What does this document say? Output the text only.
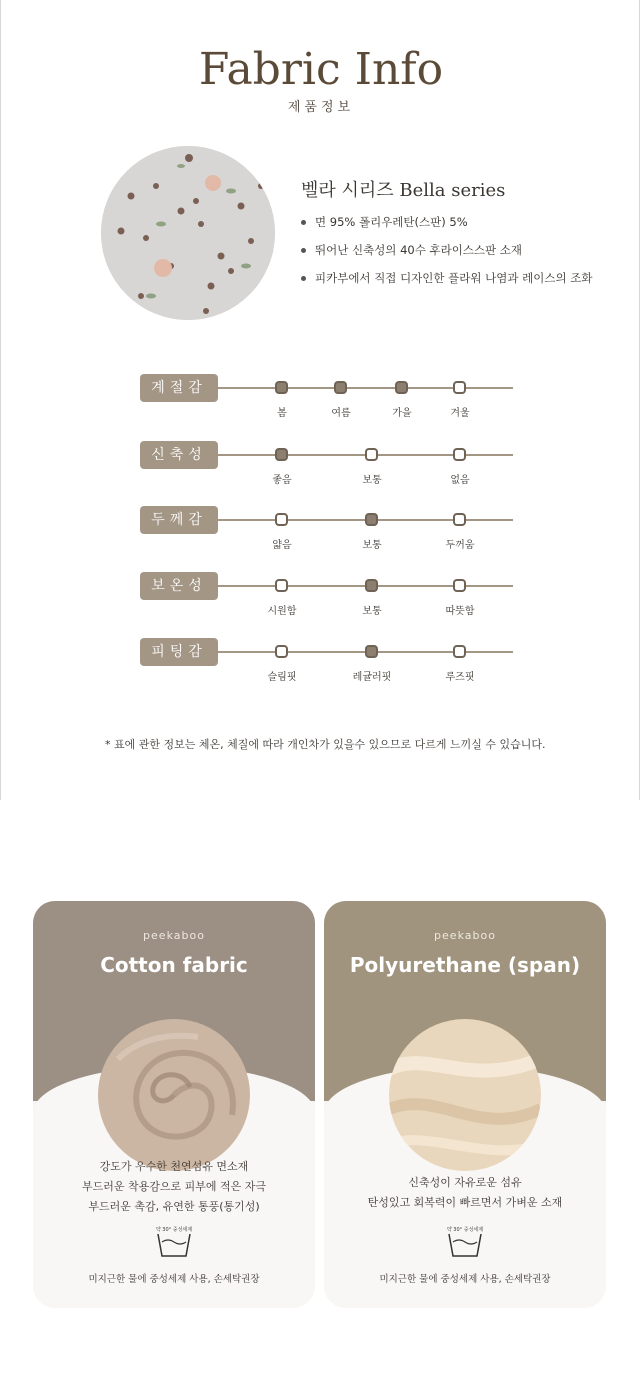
Fabric Info
제품정보
벨라 시리즈 Bella series
면 95% 폴리우레탄(스판) 5%
뛰어난 신축성의 40수 후라이스스판 소재
피카부에서 직접 디자인한 플라워 나염과 레이스의 조화
계절감
봄	여름	가을	겨울
신축성
좋음	보통	없음
두께감
얇음	보통	두꺼움
보온성
시원함	보통	따뜻함
피팅감
슬림핏	레귤러핏	루즈핏
* 표에 관한 정보는 체온, 체질에 따라 개인차가 있을수 있으므로 다르게 느끼실 수 있습니다.
peekaboo
Cotton fabric
강도가 우수한 천연섬유 면소재
부드러운 착용감으로 피부에 적은 자극
부드러운 촉감, 유연한 통풍(통기성)
약 30° 중성세제
미지근한 물에 중성세제 사용, 손세탁권장
peekaboo
Polyurethane (span)
신축성이 자유로운 섬유
탄성있고 회복력이 빠르면서 가벼운 소재
약 30° 중성세제
미지근한 물에 중성세제 사용, 손세탁권장
